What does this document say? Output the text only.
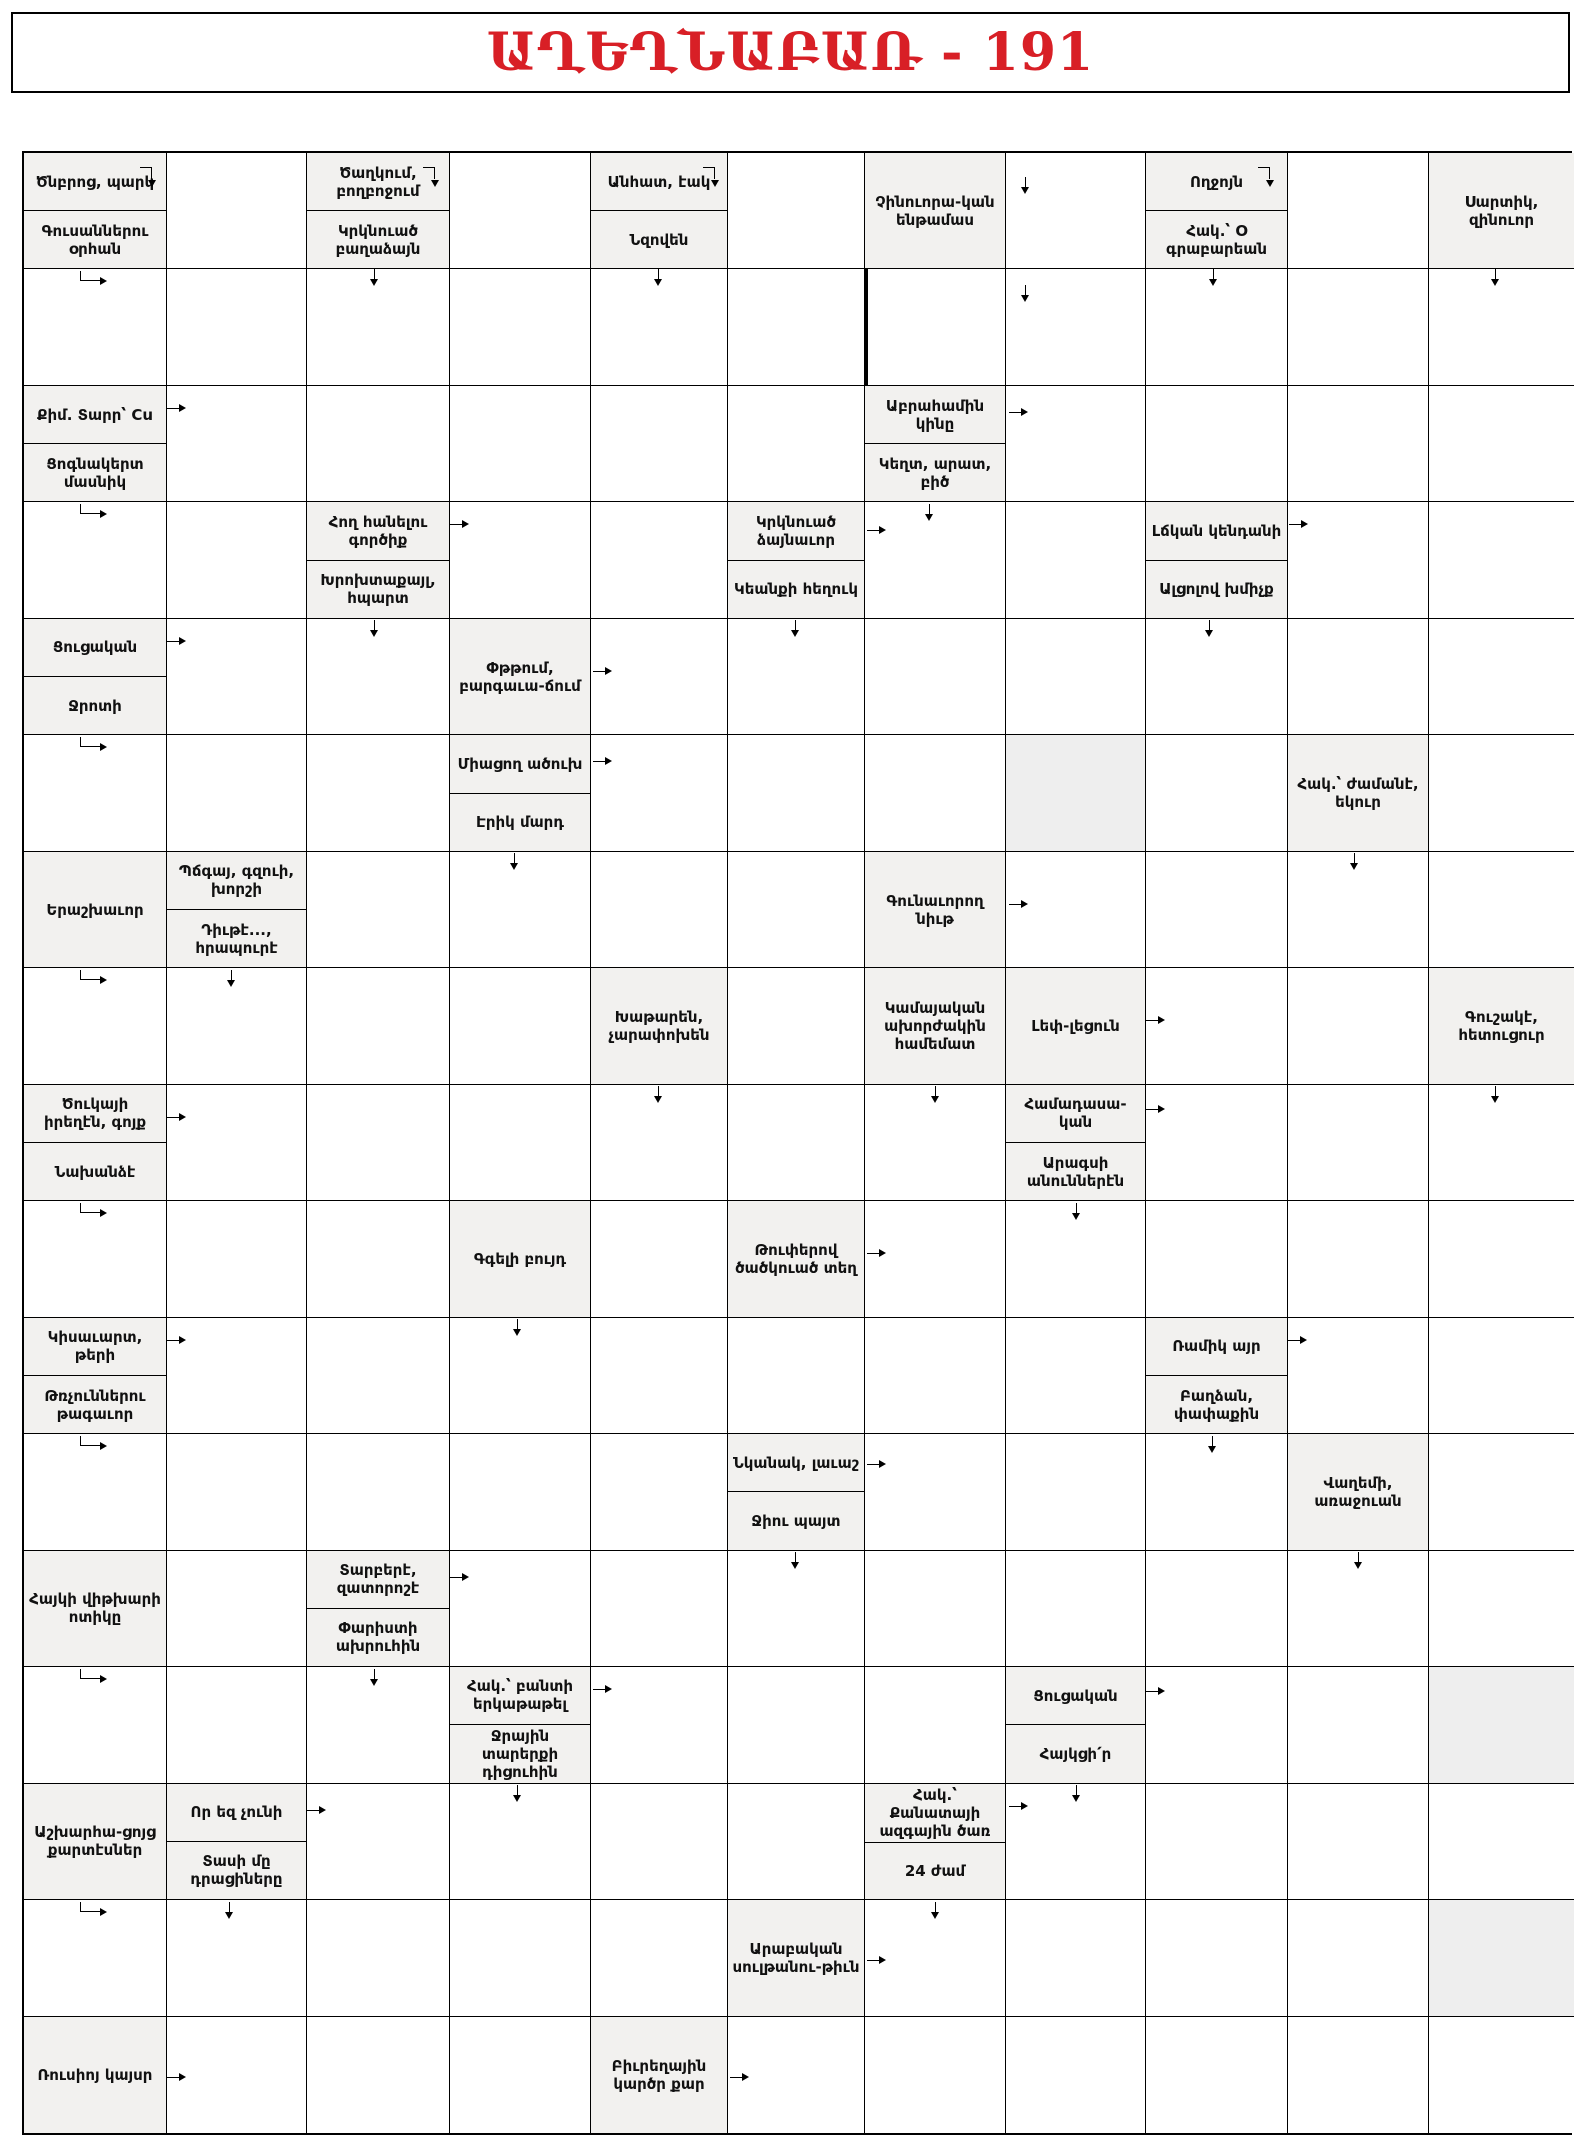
ԱՂԵՂՆԱԲԱՌ - 191
Ծնբրոց, պարկ
Գուսաններու օրհան
Ծաղկում, բողբոջում
Կրկնուած բաղաձայն
Անհատ, էակ
Նզովեն
Չինուորա-կան ենթամաս
Ողջոյն
Հակ.՝ Օ գրաբարեան
Սարտիկ, զինուոր
Քիմ. Տարր՝ Cu
Ցոգնակերտ մասնիկ
Աբրահամին կինը
Կեղտ, արատ, բիծ
Հող հանելու գործիք
Խրոխտաքայլ, հպարտ
Կրկնուած ձայնաւոր
Կեանքի հեղուկ
Լճկան կենդանի
Ալցոլով խմիչք
Ցուցական
Ջրոտի
Փթթում, բարգաւա-ճում
Միացող ածուխ
Էրիկ մարդ
Հակ.՝ ժամանէ, եկուր
Երաշխաւոր
Պճգայ, գզուի, խորշի
Դիւթէ..., հրապուրէ
Գունաւորող նիւթ
Խաթարեն, չարափոխեն
Կամայական ախորժակին համեմատ
Լեփ-լեցուն	Գուշակէ, հետուցուր
Ծուկայի իրեղէն, գոյք
Նախանձէ
Համադասա-կան
Արագսի անուններէն
Գգելի բույդ	Թուփերով ծածկուած տեղ
Կիսաւարտ, թերի
Թռչուններու թագաւոր
Ռամիկ այր
Բաղձան, փափաքին
Նկանակ, լաւաշ
Ջիու պայտ
Վաղեմի, առաջուան
Հայկի վիթխարի ոտիկը
Տարբերէ, զատորոշէ
Փարիստի ախրուհին
Հակ.՝ բանտի երկաթաթել
Ջրային տարերքի դիցուհին
Ցուցական
Հայկցի՛ր
Աշխարհա-ցոյց քարտէսներ
Որ եզ չունի
Տասի մը դրացիները
Հակ.՝ Քանատայի ազգային ծառ
24 ժամ
Արաբական սուլթանու-թիւն
Ռուսիոյ կայսր	Բիւրեղային կարծր քար
